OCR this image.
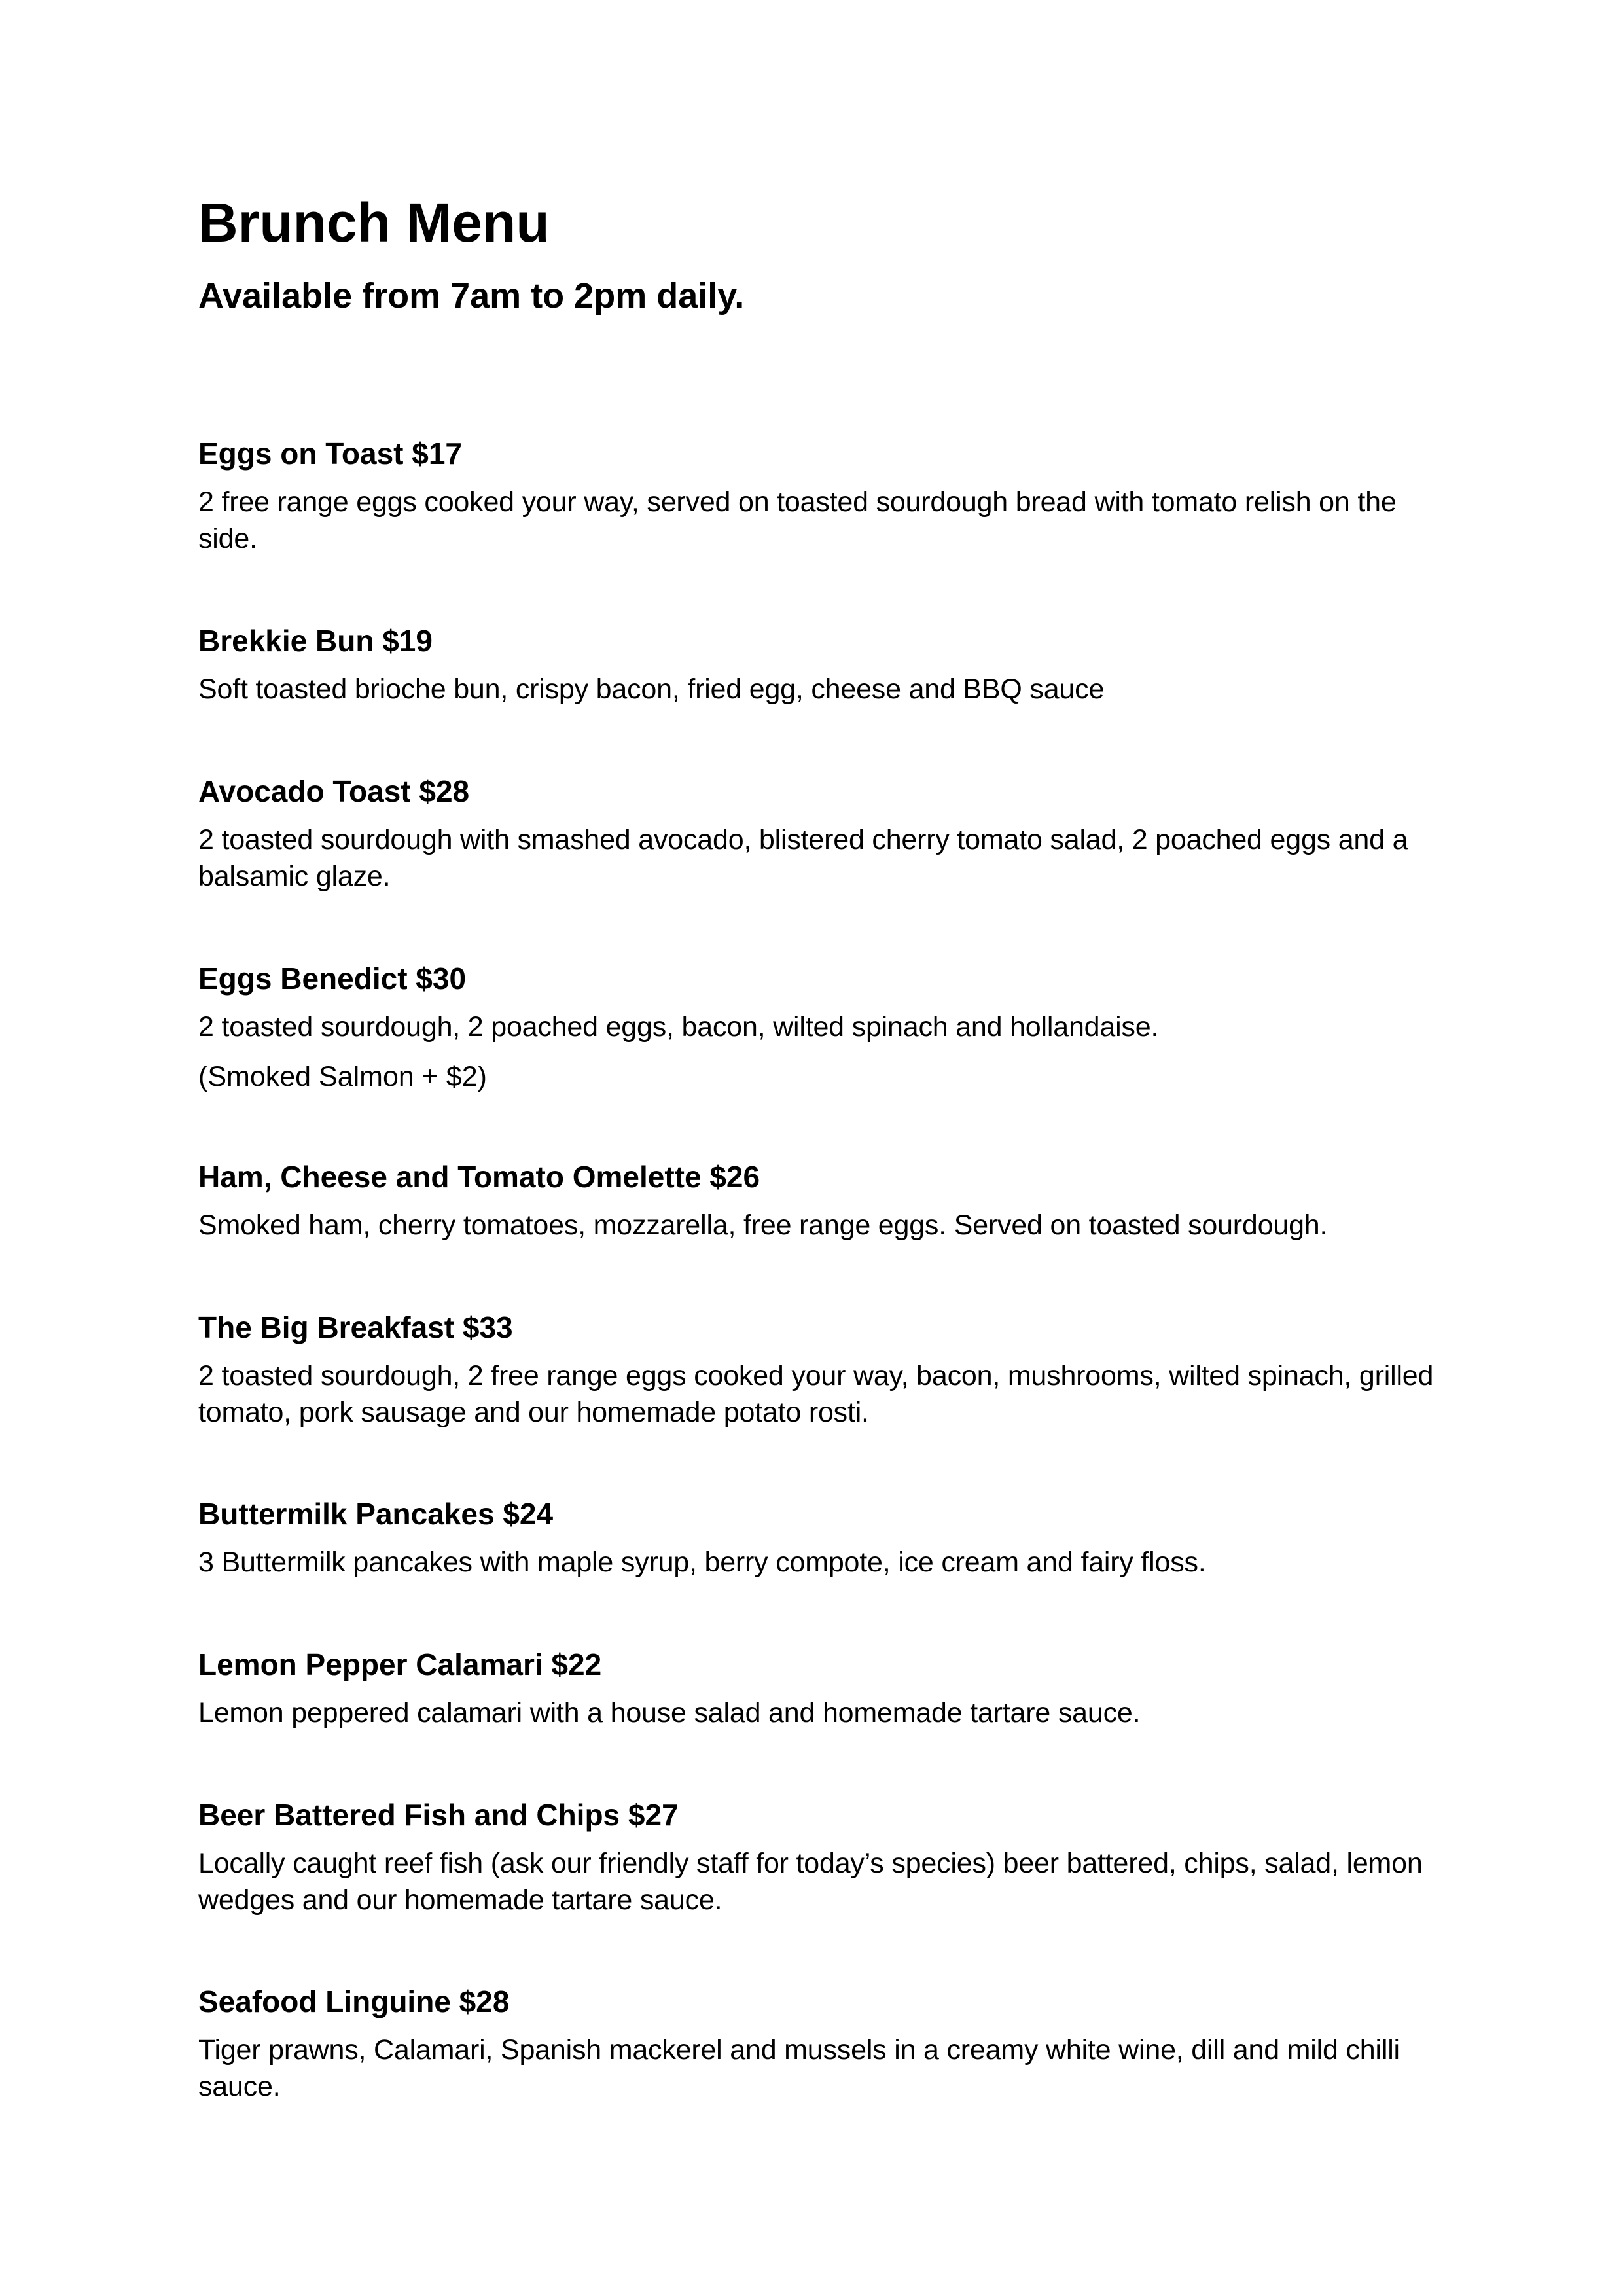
Brunch Menu
Available from 7am to 2pm daily.
Eggs on Toast $17

2 free range eggs cooked your way, served on toasted sourdough bread with tomato relish on the side.

Brekkie Bun $19

Soft toasted brioche bun, crispy bacon, fried egg, cheese and BBQ sauce

Avocado Toast $28

2 toasted sourdough with smashed avocado, blistered cherry tomato salad, 2 poached eggs and a balsamic glaze.

Eggs Benedict $30

2 toasted sourdough, 2 poached eggs, bacon, wilted spinach and hollandaise.

(Smoked Salmon + $2)

Ham, Cheese and Tomato Omelette $26

Smoked ham, cherry tomatoes, mozzarella, free range eggs. Served on toasted sourdough.

The Big Breakfast $33

2 toasted sourdough, 2 free range eggs cooked your way, bacon, mushrooms, wilted spinach, grilled tomato, pork sausage and our homemade potato rosti.

Buttermilk Pancakes $24

3 Buttermilk pancakes with maple syrup, berry compote, ice cream and fairy floss.

Lemon Pepper Calamari $22

Lemon peppered calamari with a house salad and homemade tartare sauce.

Beer Battered Fish and Chips $27

Locally caught reef fish (ask our friendly staff for today’s species) beer battered, chips, salad, lemon wedges and our homemade tartare sauce.

Seafood Linguine $28

Tiger prawns, Calamari, Spanish mackerel and mussels in a creamy white wine, dill and mild chilli sauce.
